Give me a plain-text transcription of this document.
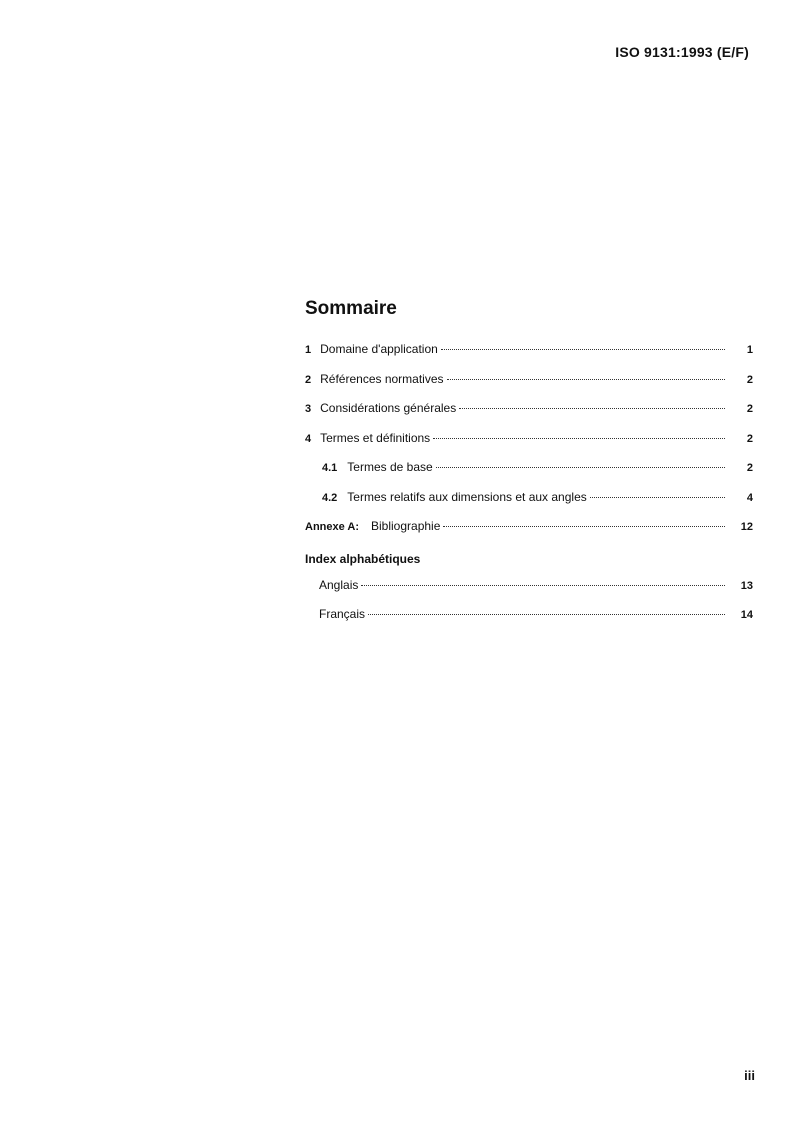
ISO 9131:1993 (E/F)
Sommaire
1 Domaine d'application	1
2 Références normatives	2
3 Considérations générales	2
4 Termes et définitions	2
4.1 Termes de base	2
4.2 Termes relatifs aux dimensions et aux angles	4
Annexe A: Bibliographie	12
Index alphabétiques
Anglais	13
Français	14
iii
